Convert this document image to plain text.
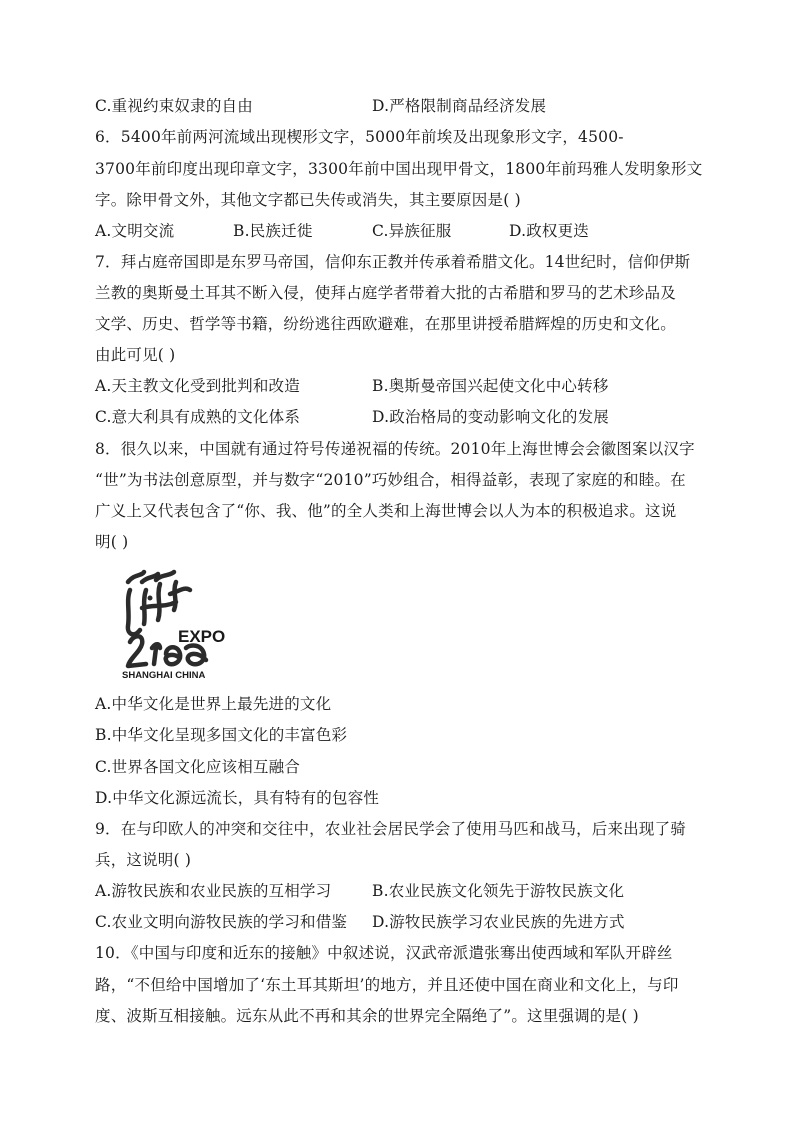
C.重视约束奴隶的自由	D.严格限制商品经济发展
6．5400年前两河流域出现楔形文字，5000年前埃及出现象形文字，4500-
3700年前印度出现印章文字，3300年前中国出现甲骨文，1800年前玛雅人发明象形文
字。除甲骨文外，其他文字都已失传或消失，其主要原因是( )
A.文明交流	B.民族迁徙	C.异族征服	D.政权更迭
7．拜占庭帝国即是东罗马帝国，信仰东正教并传承着希腊文化。14世纪时，信仰伊斯
兰教的奥斯曼土耳其不断入侵，使拜占庭学者带着大批的古希腊和罗马的艺术珍品及
文学、历史、哲学等书籍，纷纷逃往西欧避难，在那里讲授希腊辉煌的历史和文化。
由此可见( )
A.天主教文化受到批判和改造	B.奥斯曼帝国兴起使文化中心转移
C.意大利具有成熟的文化体系	D.政治格局的变动影响文化的发展
8．很久以来，中国就有通过符号传递祝福的传统。2010年上海世博会会徽图案以汉字
“世”为书法创意原型，并与数字“2010”巧妙组合，相得益彰，表现了家庭的和睦。在
广义上又代表包含了“你、我、他”的全人类和上海世博会以人为本的积极追求。这说
明( )
EXPO
SHANGHAI CHINA
A.中华文化是世界上最先进的文化
B.中华文化呈现多国文化的丰富色彩
C.世界各国文化应该相互融合
D.中华文化源远流长，具有特有的包容性
9．在与印欧人的冲突和交往中，农业社会居民学会了使用马匹和战马，后来出现了骑
兵，这说明( )
A.游牧民族和农业民族的互相学习	B.农业民族文化领先于游牧民族文化
C.农业文明向游牧民族的学习和借鉴 D.游牧民族学习农业民族的先进方式
10．《中国与印度和近东的接触》中叙述说，汉武帝派遣张骞出使西域和军队开辟丝
路，“不但给中国增加了‘东土耳其斯坦’的地方，并且还使中国在商业和文化上，与印
度、波斯互相接触。远东从此不再和其余的世界完全隔绝了”。这里强调的是( )
